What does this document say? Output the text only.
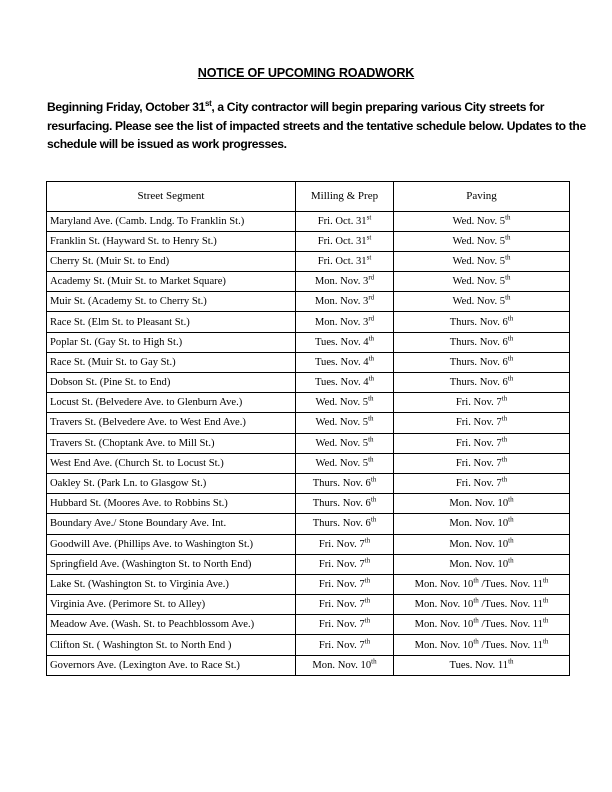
NOTICE OF UPCOMING ROADWORK
Beginning Friday, October 31st, a City contractor will begin preparing various City streets for resurfacing. Please see the list of impacted streets and the tentative schedule below. Updates to the schedule will be issued as work progresses.
Street Segment	Milling & Prep	Paving
Maryland Ave. (Camb. Lndg. To Franklin St.)	Fri. Oct. 31st	Wed. Nov. 5th
Franklin St. (Hayward St. to Henry St.)	Fri. Oct. 31st	Wed. Nov. 5th
Cherry St. (Muir St. to End)	Fri. Oct. 31st	Wed. Nov. 5th
Academy St. (Muir St. to Market Square)	Mon. Nov. 3rd	Wed. Nov. 5th
Muir St. (Academy St. to Cherry St.)	Mon. Nov. 3rd	Wed. Nov. 5th
Race St. (Elm St. to Pleasant St.)	Mon. Nov. 3rd	Thurs. Nov. 6th
Poplar St. (Gay St. to High St.)	Tues. Nov. 4th	Thurs. Nov. 6th
Race St. (Muir St. to Gay St.)	Tues. Nov. 4th	Thurs. Nov. 6th
Dobson St. (Pine St. to End)	Tues. Nov. 4th	Thurs. Nov. 6th
Locust St. (Belvedere Ave. to Glenburn Ave.)	Wed. Nov. 5th	Fri. Nov. 7th
Travers St. (Belvedere Ave. to West End Ave.)	Wed. Nov. 5th	Fri. Nov. 7th
Travers St. (Choptank Ave. to Mill St.)	Wed. Nov. 5th	Fri. Nov. 7th
West End Ave. (Church St. to Locust St.)	Wed. Nov. 5th	Fri. Nov. 7th
Oakley St. (Park Ln. to Glasgow St.)	Thurs. Nov. 6th	Fri. Nov. 7th
Hubbard St. (Moores Ave. to Robbins St.)	Thurs. Nov. 6th	Mon. Nov. 10th
Boundary Ave./ Stone Boundary Ave. Int.	Thurs. Nov. 6th	Mon. Nov. 10th
Goodwill Ave. (Phillips Ave. to Washington St.)	Fri. Nov. 7th	Mon. Nov. 10th
Springfield Ave. (Washington St. to North End)	Fri. Nov. 7th	Mon. Nov. 10th
Lake St. (Washington St. to Virginia Ave.)	Fri. Nov. 7th	Mon. Nov. 10th /Tues. Nov. 11th
Virginia Ave. (Perimore St. to Alley)	Fri. Nov. 7th	Mon. Nov. 10th /Tues. Nov. 11th
Meadow Ave. (Wash. St. to Peachblossom Ave.)	Fri. Nov. 7th	Mon. Nov. 10th /Tues. Nov. 11th
Clifton St. ( Washington St. to North End )	Fri. Nov. 7th	Mon. Nov. 10th /Tues. Nov. 11th
Governors Ave. (Lexington Ave. to Race St.)	Mon. Nov. 10th	Tues. Nov. 11th
